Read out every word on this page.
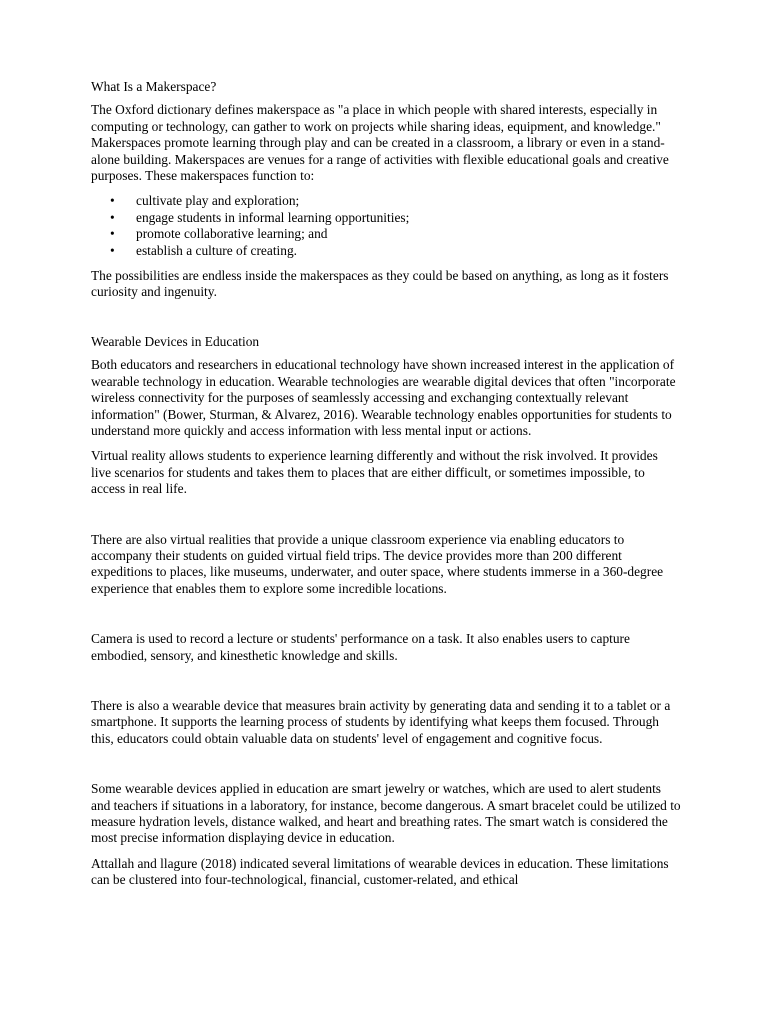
What Is a Makerspace?

The Oxford dictionary defines makerspace as "a place in which people with shared interests, especially in computing or technology, can gather to work on projects while sharing ideas, equipment, and knowledge." Makerspaces promote learning through play and can be created in a classroom, a library or even in a stand-alone building. Makerspaces are venues for a range of activities with flexible educational goals and creative purposes. These makerspaces function to:

• cultivate play and exploration;
• engage students in informal learning opportunities;
• promote collaborative learning; and
• establish a culture of creating.

The possibilities are endless inside the makerspaces as they could be based on anything, as long as it fosters curiosity and ingenuity.

Wearable Devices in Education

Both educators and researchers in educational technology have shown increased interest in the application of wearable technology in education. Wearable technologies are wearable digital devices that often "incorporate wireless connectivity for the purposes of seamlessly accessing and exchanging contextually relevant information" (Bower, Sturman, & Alvarez, 2016). Wearable technology enables opportunities for students to understand more quickly and access information with less mental input or actions.

Virtual reality allows students to experience learning differently and without the risk involved. It provides live scenarios for students and takes them to places that are either difficult, or sometimes impossible, to access in real life.

There are also virtual realities that provide a unique classroom experience via enabling educators to accompany their students on guided virtual field trips. The device provides more than 200 different expeditions to places, like museums, underwater, and outer space, where students immerse in a 360-degree experience that enables them to explore some incredible locations.

Camera is used to record a lecture or students' performance on a task. It also enables users to capture embodied, sensory, and kinesthetic knowledge and skills.

There is also a wearable device that measures brain activity by generating data and sending it to a tablet or a smartphone. It supports the learning process of students by identifying what keeps them focused. Through this, educators could obtain valuable data on students' level of engagement and cognitive focus.

Some wearable devices applied in education are smart jewelry or watches, which are used to alert students and teachers if situations in a laboratory, for instance, become dangerous. A smart bracelet could be utilized to measure hydration levels, distance walked, and heart and breathing rates. The smart watch is considered the most precise information displaying device in education.

Attallah and llagure (2018) indicated several limitations of wearable devices in education. These limitations can be clustered into four-technological, financial, customer-related, and ethical
